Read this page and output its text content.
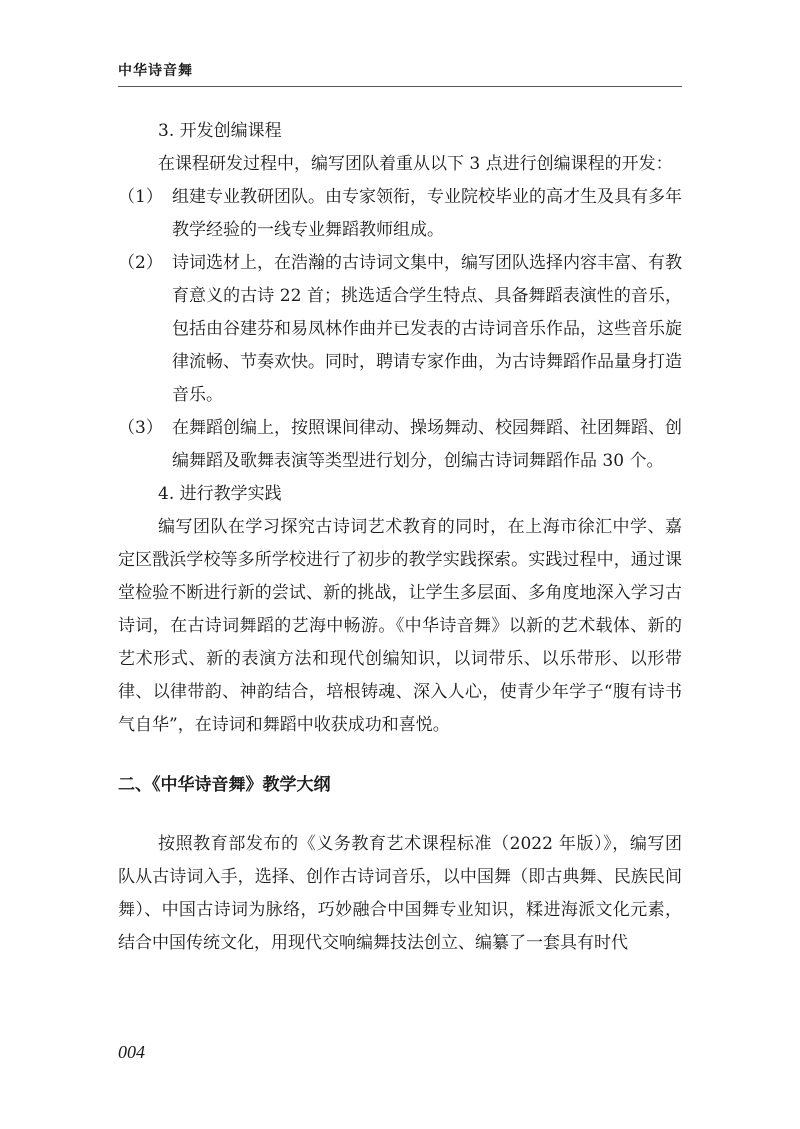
中华诗音舞

3. 开发创编课程

在课程研发过程中，编写团队着重从以下 3 点进行创编课程的开发：

（1） 组建专业教研团队。由专家领衔，专业院校毕业的高才生及具有多年教学经验的一线专业舞蹈教师组成。
（2） 诗词选材上，在浩瀚的古诗词文集中，编写团队选择内容丰富、有教育意义的古诗 22 首；挑选适合学生特点、具备舞蹈表演性的音乐，包括由谷建芬和易凤林作曲并已发表的古诗词音乐作品，这些音乐旋律流畅、节奏欢快。同时，聘请专家作曲，为古诗舞蹈作品量身打造音乐。
（3） 在舞蹈创编上，按照课间律动、操场舞动、校园舞蹈、社团舞蹈、创编舞蹈及歌舞表演等类型进行划分，创编古诗词舞蹈作品 30 个。

4. 进行教学实践

编写团队在学习探究古诗词艺术教育的同时，在上海市徐汇中学、嘉定区戬浜学校等多所学校进行了初步的教学实践探索。实践过程中，通过课堂检验不断进行新的尝试、新的挑战，让学生多层面、多角度地深入学习古诗词，在古诗词舞蹈的艺海中畅游。《中华诗音舞》以新的艺术载体、新的艺术形式、新的表演方法和现代创编知识，以词带乐、以乐带形、以形带律、以律带韵、神韵结合，培根铸魂、深入人心，使青少年学子“腹有诗书气自华”，在诗词和舞蹈中收获成功和喜悦。

二、《中华诗音舞》教学大纲

按照教育部发布的《义务教育艺术课程标准（2022 年版）》，编写团队从古诗词入手，选择、创作古诗词音乐，以中国舞（即古典舞、民族民间舞）、中国古诗词为脉络，巧妙融合中国舞专业知识，糅进海派文化元素，结合中国传统文化，用现代交响编舞技法创立、编纂了一套具有时代

004
